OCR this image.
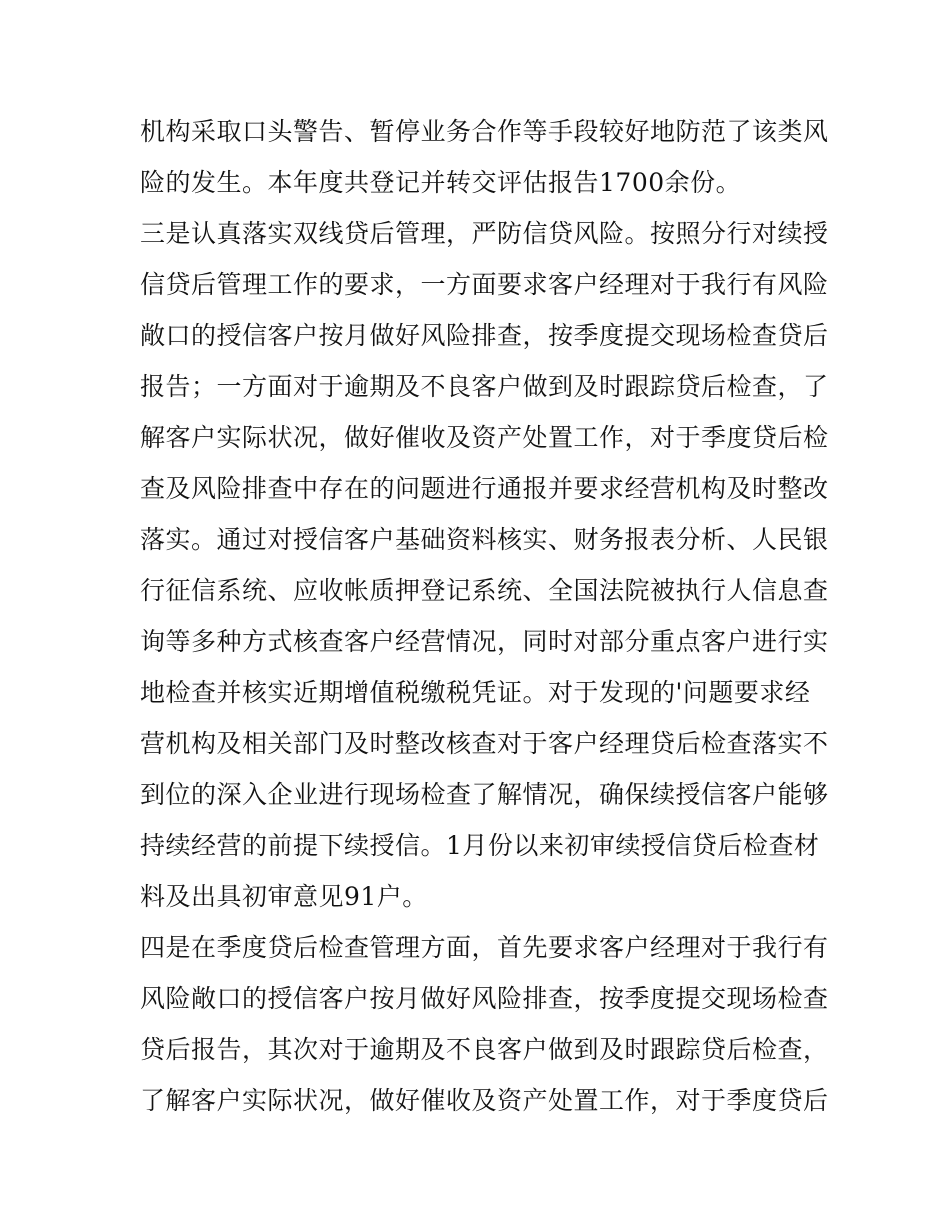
机构采取口头警告、暂停业务合作等手段较好地防范了该类风
险的发生。本年度共登记并转交评估报告1700余份。
三是认真落实双线贷后管理，严防信贷风险。按照分行对续授
信贷后管理工作的要求，一方面要求客户经理对于我行有风险
敞口的授信客户按月做好风险排查，按季度提交现场检查贷后
报告；一方面对于逾期及不良客户做到及时跟踪贷后检查，了
解客户实际状况，做好催收及资产处置工作，对于季度贷后检
查及风险排查中存在的问题进行通报并要求经营机构及时整改
落实。通过对授信客户基础资料核实、财务报表分析、人民银
行征信系统、应收帐质押登记系统、全国法院被执行人信息查
询等多种方式核查客户经营情况，同时对部分重点客户进行实
地检查并核实近期增值税缴税凭证。对于发现的'问题要求经
营机构及相关部门及时整改核查对于客户经理贷后检查落实不
到位的深入企业进行现场检查了解情况，确保续授信客户能够
持续经营的前提下续授信。1月份以来初审续授信贷后检查材
料及出具初审意见91户。
四是在季度贷后检查管理方面，首先要求客户经理对于我行有
风险敞口的授信客户按月做好风险排查，按季度提交现场检查
贷后报告，其次对于逾期及不良客户做到及时跟踪贷后检查，
了解客户实际状况，做好催收及资产处置工作，对于季度贷后
